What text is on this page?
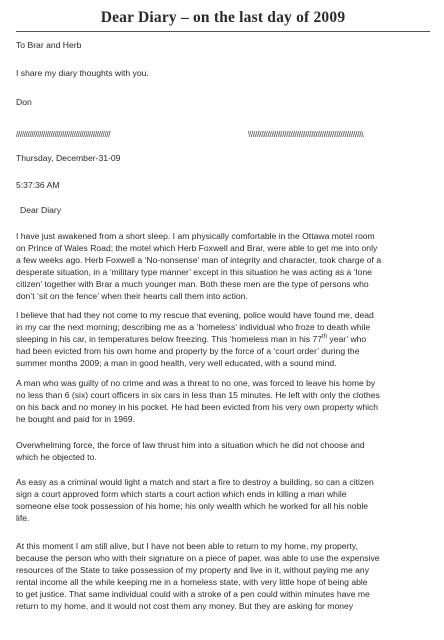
Dear Diary – on the last day of 2009

To Brar and Herb

I share my diary thoughts with you.

Don

/////////////////////////////////////////////////	\\\\\\\\\\\\\\\\\\\\\\\\\\\\\\\\\\\\\\\\\\\\\\\\\\\\\\\\\\\\

Thursday, December-31-09

5:37:36 AM

Dear Diary

I have just awakened from a short sleep. I am physically comfortable in the Ottawa motel room
on Prince of Wales Road; the motel which Herb Foxwell and Brar, were able to get me into only
a few weeks ago. Herb Foxwell a ‘No-nonsense’ man of integrity and character, took charge of a
desperate situation, in a ‘military type manner’ except in this situation he was acting as a ‘lone
citizen’ together with Brar a much younger man. Both these men are the type of persons who
don’t ‘sit on the fence’ when their hearts call them into action.
I believe that had they not come to my rescue that evening, police would have found me, dead
in my car the next morning; describing me as a ‘homeless’ individual who froze to death while
sleeping in his car, in temperatures below freezing. This ‘homeless man in his 77th year’ who
had been evicted from his own home and property by the force of a ‘court order’ during the
summer months 2009; a man in good health, very well educated, with a sound mind.
A man who was guilty of no crime and was a threat to no one, was forced to leave his home by
no less than 6 (six) court officers in six cars in less than 15 minutes. He left with only the clothes
on his back and no money in his pocket. He had been evicted from his very own property which
he bought and paid for in 1969.
Overwhelming force, the force of law thrust him into a situation which he did not choose and
which he objected to.
As easy as a criminal would light a match and start a fire to destroy a building, so can a citizen
sign a court approved form which starts a court action which ends in killing a man while
someone else took possession of his home; his only wealth which he worked for all his noble
life.
At this moment I am still alive, but I have not been able to return to my home, my property,
because the person who with their signature on a piece of paper, was able to use the expensive
resources of the State to take possession of my property and live in it, without paying me any
rental income all the while keeping me in a homeless state, with very little hope of being able
to get justice. That same individual could with a stroke of a pen could within minutes have me
return to my home, and it would not cost them any money. But they are asking for money
